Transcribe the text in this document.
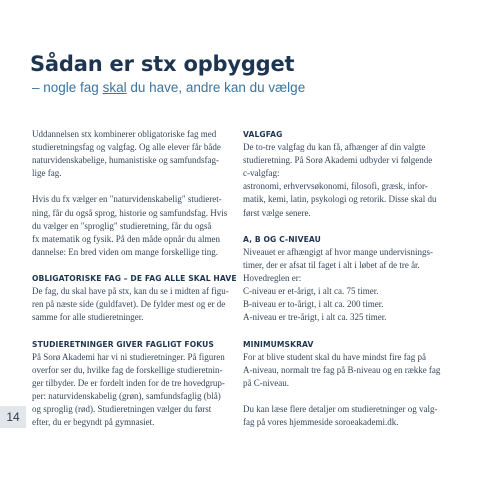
Sådan er stx opbygget

– nogle fag skal du have, andre kan du vælge

Uddannelsen stx kombinerer obligatoriske fag med
studieretningsfag og valgfag. Og alle elever får både
naturvidenskabelige, humanistiske og samfundsfag-
lige fag.

Hvis du fx vælger en "naturvidenskabelig" studieret-
ning, får du også sprog, historie og samfundsfag. Hvis
du vælger en "sproglig" studieretning, får du også
fx matematik og fysik. På den måde opnår du almen
dannelse: En bred viden om mange forskellige ting.

OBLIGATORISKE FAG – DE FAG ALLE SKAL HAVE

De fag, du skal have på stx, kan du se i midten af figu-
ren på næste side (guldfavet). De fylder mest og er de
samme for alle studieretninger.

STUDIERETNINGER GIVER FAGLIGT FOKUS

På Sorø Akademi har vi ni studieretninger. På figuren
overfor ser du, hvilke fag de forskellige studieretnin-
ger tilbyder. De er fordelt inden for de tre hovedgrup-
per: naturvidenskabelig (grøn), samfundsfaglig (blå)
og sproglig (rød). Studieretningen vælger du først
efter, du er begyndt på gymnasiet.

VALGFAG

De to-tre valgfag du kan få, afhænger af din valgte
studieretning. På Sorø Akademi udbyder vi følgende
c-valgfag:
astronomi, erhvervsøkonomi, filosofi, græsk, infor-
matik, kemi, latin, psykologi og retorik. Disse skal du
først vælge senere.

A, B OG C-NIVEAU

Niveauet er afhængigt af hvor mange undervisnings-
timer, der er afsat til faget i alt i løbet af de tre år.
Hovedreglen er:
C-niveau er et-årigt, i alt ca. 75 timer.
B-niveau er to-årigt, i alt ca. 200 timer.
A-niveau er tre-årigt, i alt ca. 325 timer.

MINIMUMSKRAV

For at blive student skal du have mindst fire fag på
A-niveau, normalt tre fag på B-niveau og en række fag
på C-niveau.

Du kan læse flere detaljer om studieretninger og valg-
fag på vores hjemmeside soroeakademi.dk.

14
